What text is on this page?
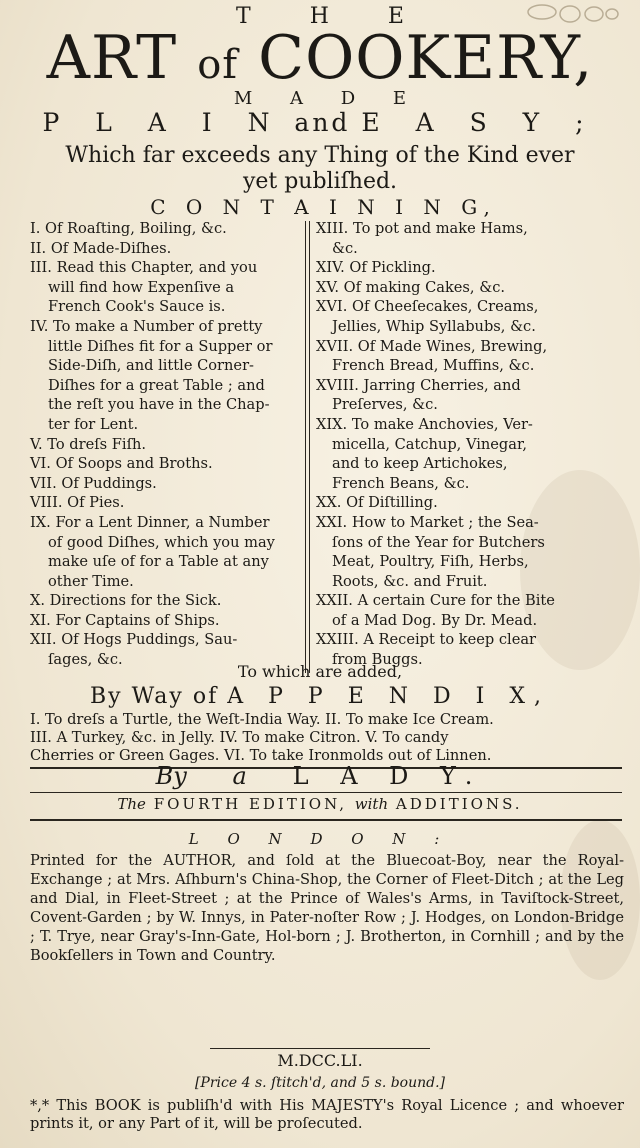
T H E
ART of COOKERY,
M A D E
P L A I N and E A S Y ;
Which far exceeds any Thing of the Kind ever
yet publiſhed.
C O N T A I N I N G,
I. Of Roaſting, Boiling, &c.
II. Of Made-Diſhes.
III. Read this Chapter, and you
will find how Expenſive a
French Cook's Sauce is.
IV. To make a Number of pretty
little Diſhes fit for a Supper or
Side-Diſh, and little Corner-
Diſhes for a great Table ; and
the reſt you have in the Chap-
ter for Lent.
V. To dreſs Fiſh.
VI. Of Soops and Broths.
VII. Of Puddings.
VIII. Of Pies.
IX. For a Lent Dinner, a Number
of good Diſhes, which you may
make uſe of for a Table at any
other Time.
X. Directions for the Sick.
XI. For Captains of Ships.
XII. Of Hogs Puddings, Sau-
ſages, &c.
XIII. To pot and make Hams,
&c.
XIV. Of Pickling.
XV. Of making Cakes, &c.
XVI. Of Cheeſecakes, Creams,
Jellies, Whip Syllabubs, &c.
XVII. Of Made Wines, Brewing,
French Bread, Muffins, &c.
XVIII. Jarring Cherries, and
Preſerves, &c.
XIX. To make Anchovies, Ver-
micella, Catchup, Vinegar,
and to keep Artichokes,
French Beans, &c.
XX. Of Diſtilling.
XXI. How to Market ; the Sea-
ſons of the Year for Butchers
Meat, Poultry, Fiſh, Herbs,
Roots, &c. and Fruit.
XXII. A certain Cure for the Bite
of a Mad Dog. By Dr. Mead.
XXIII. A Receipt to keep clear
from Buggs.
To which are added,
By Way of A P P E N D I X,
I. To dreſs a Turtle, the Weſt-India Way. II. To make Ice Cream.
III. A Turkey, &c. in Jelly. IV. To make Citron. V. To candy
Cherries or Green Gages. VI. To take Ironmolds out of Linnen.
By a L A D Y.
The FOURTH EDITION, with ADDITIONS.
L O N D O N :
Printed for the AUTHOR, and ſold at the Bluecoat-Boy, near the Royal-Exchange ; at Mrs. Aſhburn's China-Shop, the Corner of Fleet-Ditch ; at the Leg and Dial, in Fleet-Street ; at the Prince of Wales's Arms, in Taviſtock-Street, Covent-Garden ; by W. Innys, in Pater-noſter Row ; J. Hodges, on London-Bridge ; T. Trye, near Gray's-Inn-Gate, Hol-born ; J. Brotherton, in Cornhill ; and by the Bookſellers in Town and Country.
M.DCC.LI.
[Price 4 s. ſtitch'd, and 5 s. bound.]
*,* This BOOK is publiſh'd with His MAJESTY's Royal Licence ; and whoever prints it, or any Part of it, will be proſecuted.
